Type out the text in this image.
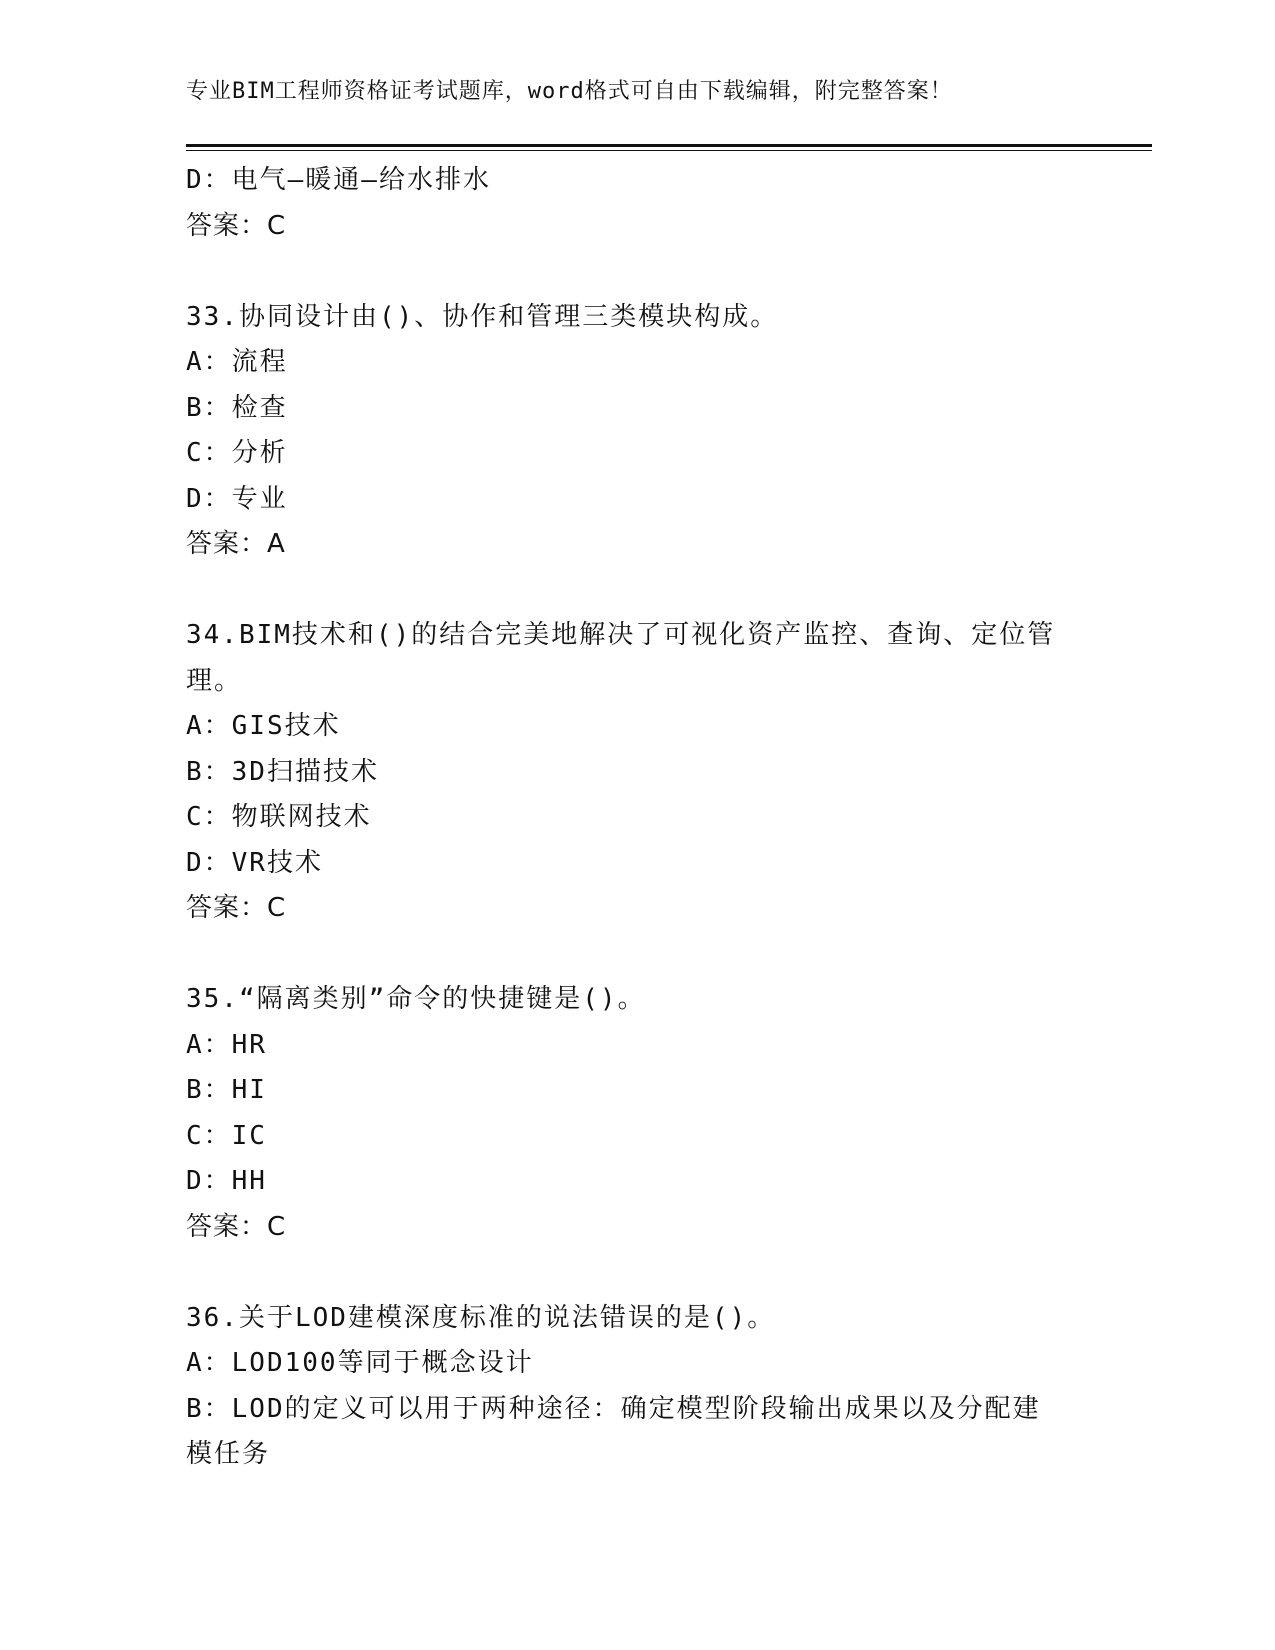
专业BIM工程师资格证考试题库，word格式可自由下载编辑，附完整答案！
D：电气—暖通—给水排水
答案：C
33.协同设计由()、协作和管理三类模块构成。
A：流程
B：检查
C：分析
D：专业
答案：A
34.BIM技术和()的结合完美地解决了可视化资产监控、查询、定位管
理。
A：GIS技术
B：3D扫描技术
C：物联网技术
D：VR技术
答案：C
35.“隔离类别”命令的快捷键是()。
A：HR
B：HI
C：IC
D：HH
答案：C
36.关于LOD建模深度标准的说法错误的是()。
A：LOD100等同于概念设计
B：LOD的定义可以用于两种途径：确定模型阶段输出成果以及分配建
模任务
